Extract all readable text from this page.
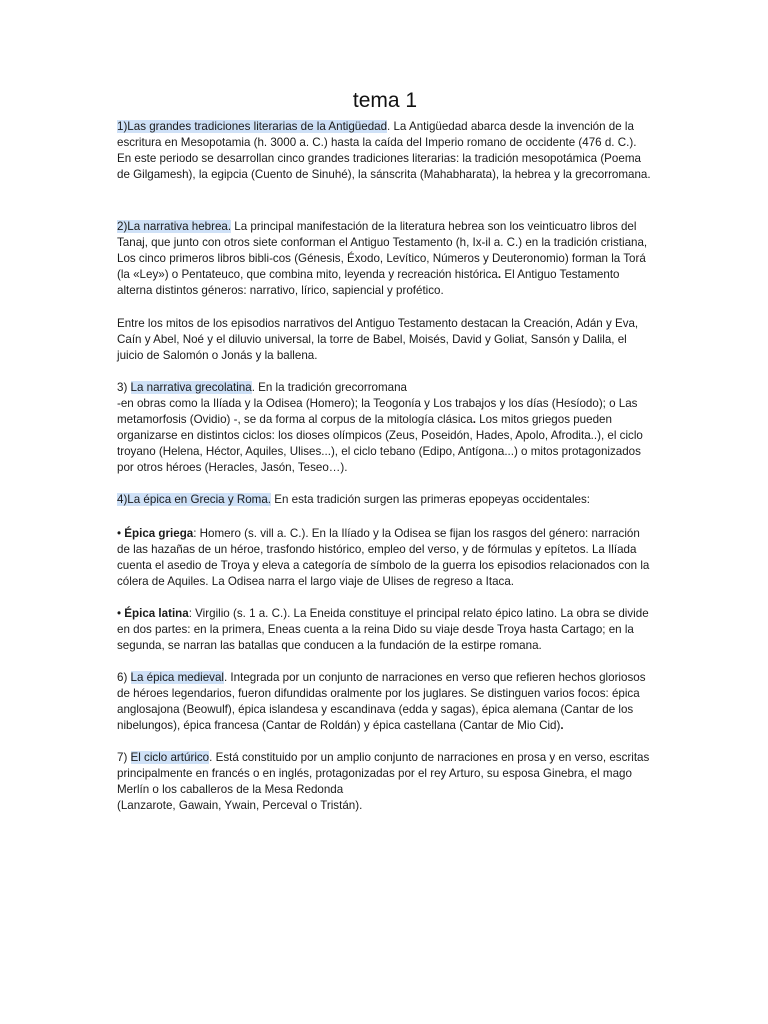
tema 1
1)Las grandes tradiciones literarias de la Antigüedad. La Antigüedad abarca desde la invención de la escritura en Mesopotamia (h. 3000 a. C.) hasta la caída del Imperio romano de occidente (476 d. C.). En este periodo se desarrollan cinco grandes tradiciones literarias: la tradición mesopotámica (Poema de Gilgamesh), la egipcia (Cuento de Sinuhé), la sánscrita (Mahabharata), la hebrea y la grecorromana.
2)La narrativa hebrea. La principal manifestación de la literatura hebrea son los veinticuatro libros del Tanaj, que junto con otros siete conforman el Antiguo Testamento (h, Ix-il a. C.) en la tradición cristiana, Los cinco primeros libros bibli-cos (Génesis, Éxodo, Levítico, Números y Deuteronomio) forman la Torá (la «Ley») o Pentateuco, que combina mito, leyenda y recreación histórica. El Antiguo Testamento alterna distintos géneros: narrativo, lírico, sapiencial y profético.
Entre los mitos de los episodios narrativos del Antiguo Testamento destacan la Creación, Adán y Eva, Caín y Abel, Noé y el diluvio universal, la torre de Babel, Moisés, David y Goliat, Sansón y Dalila, el juicio de Salomón o Jonás y la ballena.
3) La narrativa grecolatina. En la tradición grecorromana
-en obras como la Ilíada y la Odisea (Homero); la Teogonía y Los trabajos y los días (Hesíodo); o Las metamorfosis (Ovidio) -, se da forma al corpus de la mitología clásica. Los mitos griegos pueden organizarse en distintos ciclos: los dioses olímpicos (Zeus, Poseidón, Hades, Apolo, Afrodita..), el ciclo troyano (Helena, Héctor, Aquiles, Ulises...), el ciclo tebano (Edipo, Antígona...) o mitos protagonizados por otros héroes (Heracles, Jasón, Teseo…).
4)La épica en Grecia y Roma. En esta tradición surgen las primeras epopeyas occidentales:
• Épica griega: Homero (s. vill a. C.). En la Ilíado y la Odisea se fijan los rasgos del género: narración de las hazañas de un héroe, trasfondo histórico, empleo del verso, y de fórmulas y epítetos. La Ilíada cuenta el asedio de Troya y eleva a categoría de símbolo de la guerra los episodios relacionados con la cólera de Aquiles. La Odisea narra el largo viaje de Ulises de regreso a Itaca.
• Épica latina: Virgilio (s. 1 a. C.). La Eneida constituye el principal relato épico latino. La obra se divide en dos partes: en la primera, Eneas cuenta a la reina Dido su viaje desde Troya hasta Cartago; en la segunda, se narran las batallas que conducen a la fundación de la estirpe romana.
6) La épica medieval. Integrada por un conjunto de narraciones en verso que refieren hechos gloriosos de héroes legendarios, fueron difundidas oralmente por los juglares. Se distinguen varios focos: épica anglosajona (Beowulf), épica islandesa y escandinava (edda y sagas), épica alemana (Cantar de los nibelungos), épica francesa (Cantar de Roldán) y épica castellana (Cantar de Mio Cid).
7) El ciclo artúrico. Está constituido por un amplio conjunto de narraciones en prosa y en verso, escritas principalmente en francés o en inglés, protagonizadas por el rey Arturo, su esposa Ginebra, el mago Merlín o los caballeros de la Mesa Redonda
(Lanzarote, Gawain, Ywain, Perceval o Tristán).
